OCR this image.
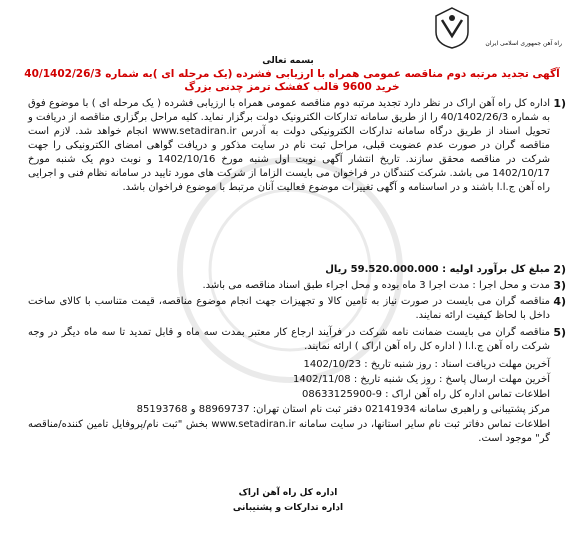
راه آهن جمهوری اسلامی ایران
بسمه تعالی
آگهی تجدید مرتبه دوم مناقصه عمومی همراه با ارزیابی فشرده (یک مرحله ای )به شماره 40/1402/26/3 خرید 9600 قالب کفشک ترمز چدنی بزرگ
1)
اداره کل راه آهن اراک در نظر دارد تجدید مرتبه دوم مناقصه عمومی همراه با ارزیابی فشرده ( یک مرحله ای ) با موضوع فوق به شماره 40/1402/26/3 را از طریق سامانه تدارکات الکترونیک دولت برگزار نماید. کلیه مراحل برگزاری مناقصه از دریافت و تحویل اسناد از طریق درگاه سامانه تدارکات الکترونیکی دولت به آدرس www.setadiran.ir انجام خواهد شد. لازم است مناقصه گران در صورت عدم عضویت قبلی، مراحل ثبت نام در سایت مذکور و دریافت گواهی امضای الکترونیکی را جهت شرکت در مناقصه محقق سازند. تاریخ انتشار آگهی نوبت اول شنبه مورخ 1402/10/16 و نوبت دوم یک شنبه مورخ 1402/10/17 می باشد. شرکت کنندگان در فراخوان می بایست الزاما از شرکت های مورد تایید در سامانه نظام فنی و اجرایی راه آهن ج.ا.ا باشند و در اساسنامه و آگهی تغییرات موضوع فعالیت آنان مرتبط با موضوع فراخوان باشد.
2)
مبلغ کل برآورد اولیه : 59.520.000.000 ریال
3)
مدت و محل اجرا : مدت اجرا 3 ماه بوده و محل اجراء طبق اسناد مناقصه می باشد.
4)
مناقصه گران می بایست در صورت نیاز به تامین کالا و تجهیزات جهت انجام موضوع مناقصه، قیمت متناسب با کالای ساخت داخل با لحاظ کیفیت ارائه نمایند.
5)
مناقصه گران می بایست ضمانت نامه شرکت در فرآیند ارجاع کار معتبر بمدت سه ماه و قابل تمدید تا سه ماه دیگر در وجه شرکت راه آهن ج.ا.ا ( اداره کل راه آهن اراک ) ارائه نمایند.
آخرین مهلت دریافت اسناد : روز شنبه تاریخ : 1402/10/23
آخرین مهلت ارسال پاسخ : روز یک شنبه تاریخ : 1402/11/08
اطلاعات تماس اداره کل راه آهن اراک : 9-08633125900
مرکز پشتیبانی و راهبری سامانه 02141934 دفتر ثبت نام استان تهران: 88969737 و 85193768
اطلاعات تماس دفاتر ثبت نام سایر استانها، در سایت سامانه www.setadiran.ir بخش "ثبت نام/پروفایل تامین کننده/مناقصه گر" موجود است.
اداره کل راه آهن اراک
اداره تدارکات و پشتیبانی
